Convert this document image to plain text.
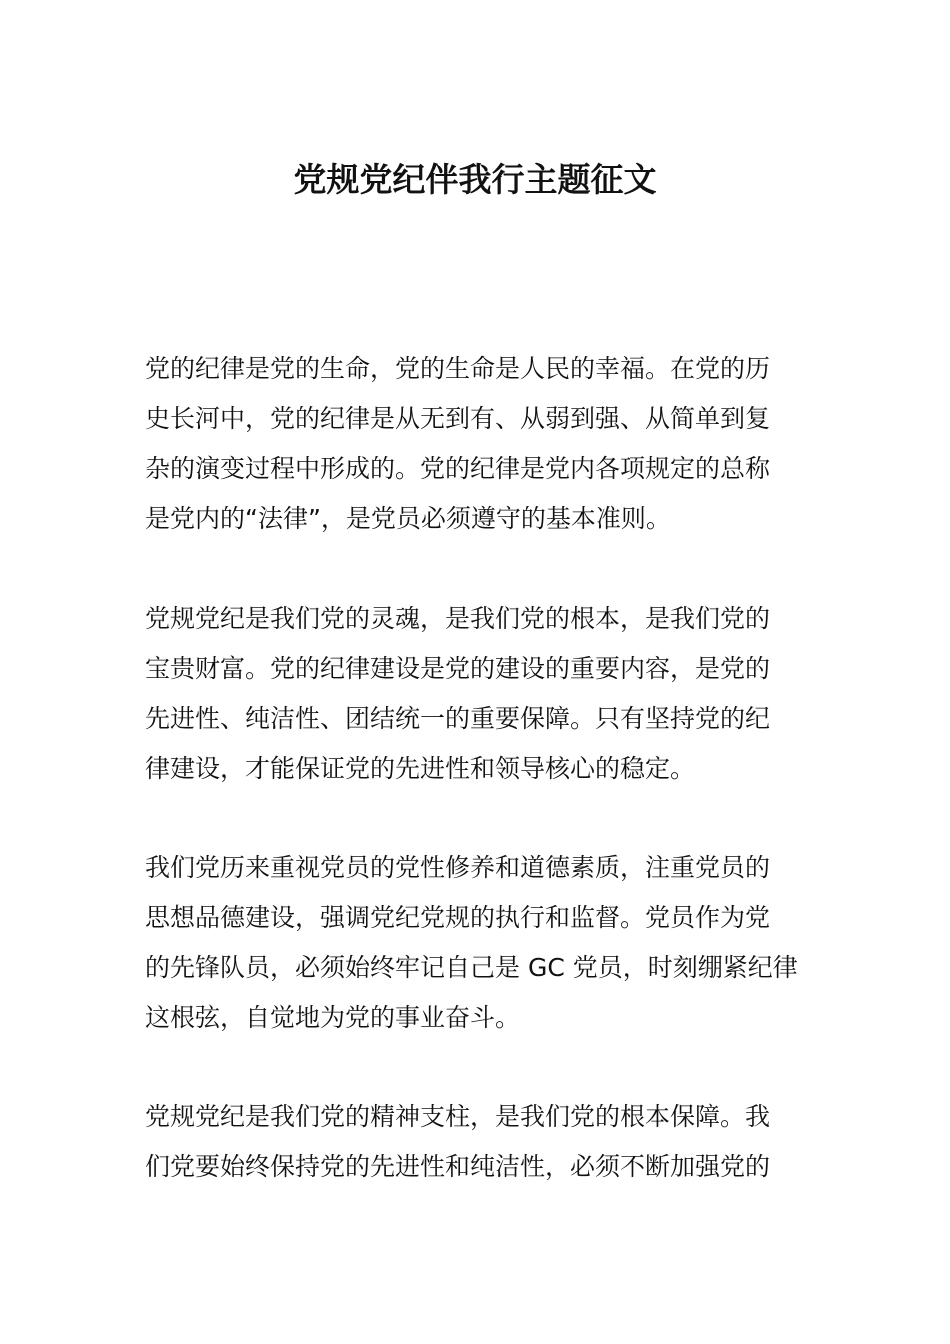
党规党纪伴我行主题征文
党的纪律是党的生命，党的生命是人民的幸福。在党的历
史长河中，党的纪律是从无到有、从弱到强、从简单到复
杂的演变过程中形成的。党的纪律是党内各项规定的总称
是党内的“法律”，是党员必须遵守的基本准则。
党规党纪是我们党的灵魂，是我们党的根本，是我们党的
宝贵财富。党的纪律建设是党的建设的重要内容，是党的
先进性、纯洁性、团结统一的重要保障。只有坚持党的纪
律建设，才能保证党的先进性和领导核心的稳定。
我们党历来重视党员的党性修养和道德素质，注重党员的
思想品德建设，强调党纪党规的执行和监督。党员作为党
的先锋队员，必须始终牢记自己是 GC 党员，时刻绷紧纪律
这根弦，自觉地为党的事业奋斗。
党规党纪是我们党的精神支柱，是我们党的根本保障。我
们党要始终保持党的先进性和纯洁性，必须不断加强党的
